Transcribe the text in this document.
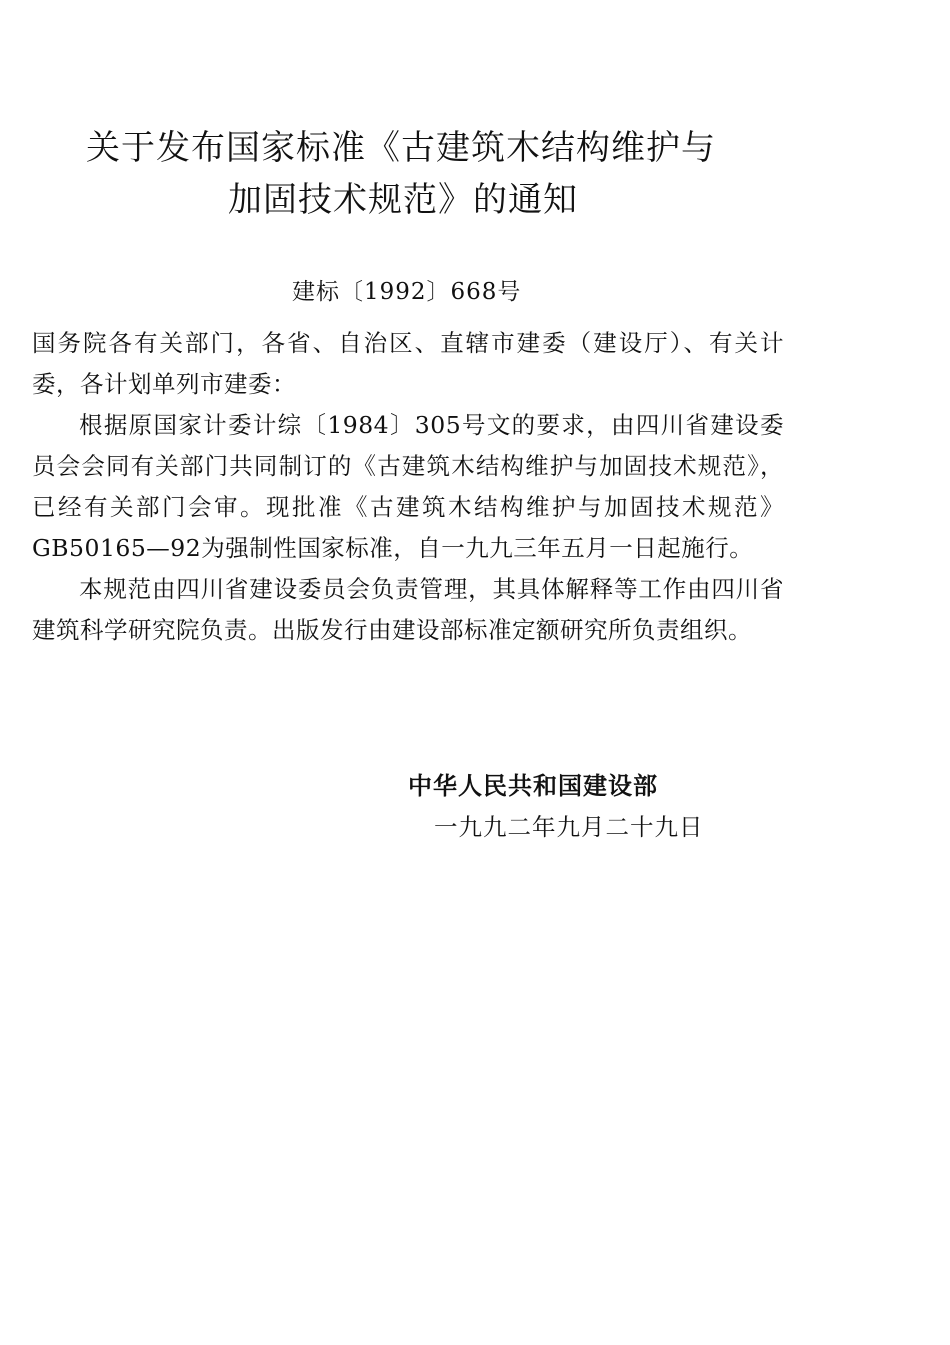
关于发布国家标准《古建筑木结构维护与
加固技术规范》的通知
建标〔1992〕668号

国务院各有关部门，各省、自治区、直辖市建委（建设厅）、有关计委，各计划单列市建委：

根据原国家计委计综〔1984〕305号文的要求，由四川省建设委员会会同有关部门共同制订的《古建筑木结构维护与加固技术规范》，已经有关部门会审。现批准《古建筑木结构维护与加固技术规范》GB50165—92为强制性国家标准，自一九九三年五月一日起施行。

本规范由四川省建设委员会负责管理，其具体解释等工作由四川省建筑科学研究院负责。出版发行由建设部标准定额研究所负责组织。

中华人民共和国建设部
一九九二年九月二十九日
